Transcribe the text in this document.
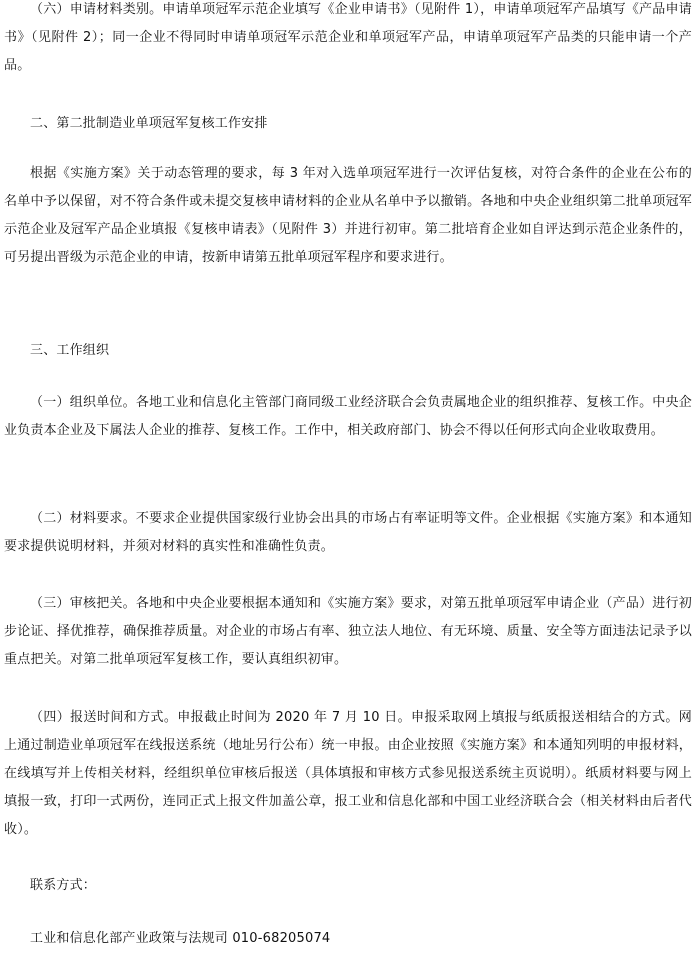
（六）申请材料类别。申请单项冠军示范企业填写《企业申请书》（见附件 1），申请单项冠军产品填写《产品申请书》（见附件 2）；同一企业不得同时申请单项冠军示范企业和单项冠军产品，申请单项冠军产品类的只能申请一个产品。

二、第二批制造业单项冠军复核工作安排

根据《实施方案》关于动态管理的要求，每 3 年对入选单项冠军进行一次评估复核，对符合条件的企业在公布的名单中予以保留，对不符合条件或未提交复核申请材料的企业从名单中予以撤销。各地和中央企业组织第二批单项冠军示范企业及冠军产品企业填报《复核申请表》（见附件 3）并进行初审。第二批培育企业如自评达到示范企业条件的，可另提出晋级为示范企业的申请，按新申请第五批单项冠军程序和要求进行。

三、工作组织

（一）组织单位。各地工业和信息化主管部门商同级工业经济联合会负责属地企业的组织推荐、复核工作。中央企业负责本企业及下属法人企业的推荐、复核工作。工作中，相关政府部门、协会不得以任何形式向企业收取费用。

（二）材料要求。不要求企业提供国家级行业协会出具的市场占有率证明等文件。企业根据《实施方案》和本通知要求提供说明材料，并须对材料的真实性和准确性负责。

（三）审核把关。各地和中央企业要根据本通知和《实施方案》要求，对第五批单项冠军申请企业（产品）进行初步论证、择优推荐，确保推荐质量。对企业的市场占有率、独立法人地位、有无环境、质量、安全等方面违法记录予以重点把关。对第二批单项冠军复核工作，要认真组织初审。

（四）报送时间和方式。申报截止时间为 2020 年 7 月 10 日。申报采取网上填报与纸质报送相结合的方式。网上通过制造业单项冠军在线报送系统（地址另行公布）统一申报。由企业按照《实施方案》和本通知列明的申报材料，在线填写并上传相关材料，经组织单位审核后报送（具体填报和审核方式参见报送系统主页说明）。纸质材料要与网上填报一致，打印一式两份，连同正式上报文件加盖公章，报工业和信息化部和中国工业经济联合会（相关材料由后者代收）。

联系方式：

工业和信息化部产业政策与法规司 010-68205074
